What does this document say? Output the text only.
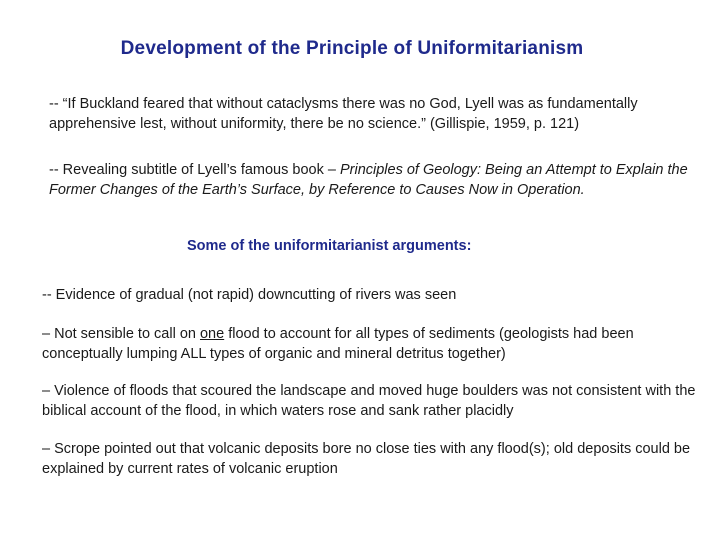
Development of the Principle of Uniformitarianism

-- “If Buckland feared that without cataclysms there was no God, Lyell was as fundamentally apprehensive lest, without uniformity, there be no science.” (Gillispie, 1959, p. 121)

-- Revealing subtitle of Lyell’s famous book – Principles of Geology: Being an Attempt to Explain the Former Changes of the Earth’s Surface, by Reference to Causes Now in Operation.

Some of the uniformitarianist arguments:

-- Evidence of gradual (not rapid) downcutting of rivers was seen

– Not sensible to call on one flood to account for all types of sediments (geologists had been conceptually lumping ALL types of organic and mineral detritus together)

– Violence of floods that scoured the landscape and moved huge boulders was not consistent with the biblical account of the flood, in which waters rose and sank rather placidly

– Scrope pointed out that volcanic deposits bore no close ties with any flood(s); old deposits could be explained by current rates of volcanic eruption
